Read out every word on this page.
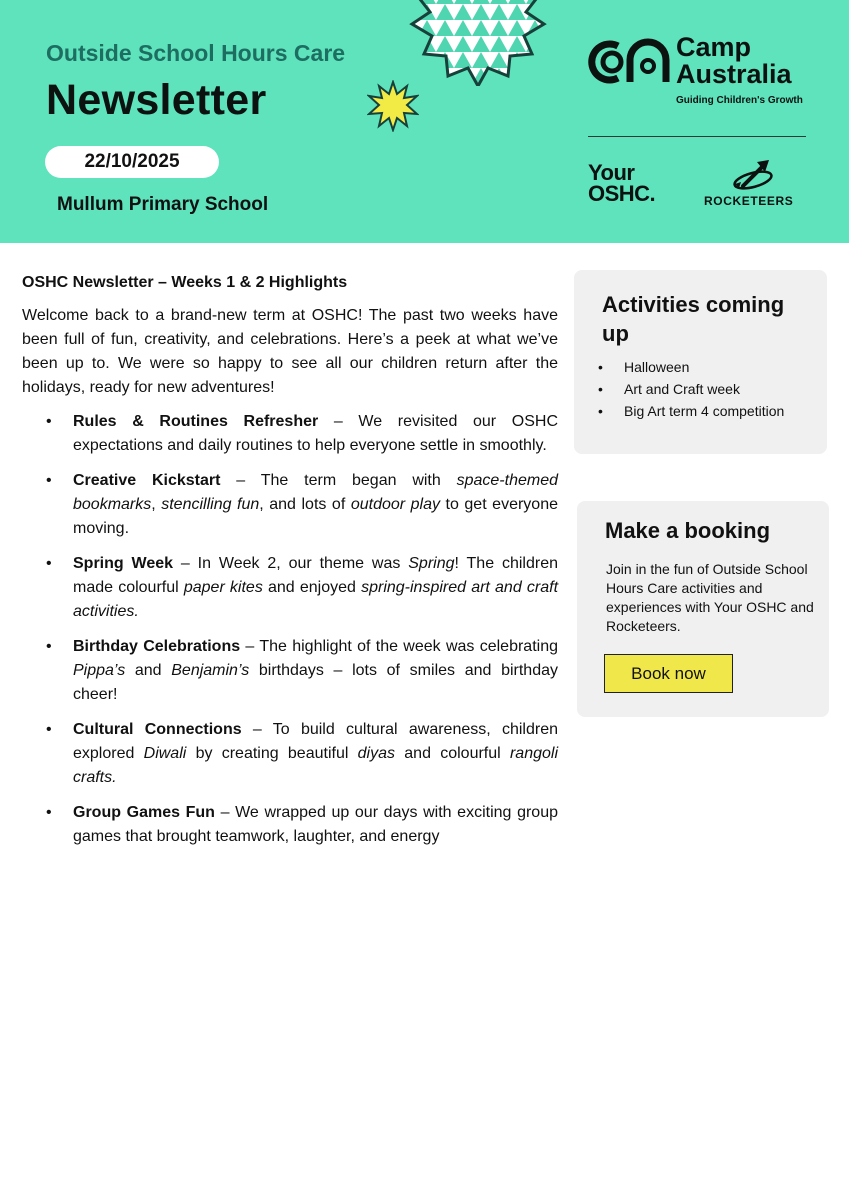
Outside School Hours Care
Newsletter
22/10/2025
Mullum Primary School
Camp
Australia
Guiding Children's Growth
Your
OSHC.	ROCKETEERS
OSHC Newsletter – Weeks 1 & 2 Highlights

Welcome back to a brand-new term at OSHC! The past two weeks have been full of fun, creativity, and celebrations. Here’s a peek at what we’ve been up to. We were so happy to see all our children return after the holidays, ready for new adventures!

• Rules & Routines Refresher – We revisited our OSHC expectations and daily routines to help everyone settle in smoothly.
• Creative Kickstart – The term began with space-themed bookmarks, stencilling fun, and lots of outdoor play to get everyone moving.
• Spring Week – In Week 2, our theme was Spring! The children made colourful paper kites and enjoyed spring-inspired art and craft activities.
• Birthday Celebrations – The highlight of the week was celebrating Pippa’s and Benjamin’s birthdays – lots of smiles and birthday cheer!
• Cultural Connections – To build cultural awareness, children explored Diwali by creating beautiful diyas and colourful rangoli crafts.
• Group Games Fun – We wrapped up our days with exciting group games that brought teamwork, laughter, and energy
Activities coming up
• Halloween
• Art and Craft week
• Big Art term 4 competition
Make a booking

Join in the fun of Outside School Hours Care activities and experiences with Your OSHC and Rocketeers.

Book now
